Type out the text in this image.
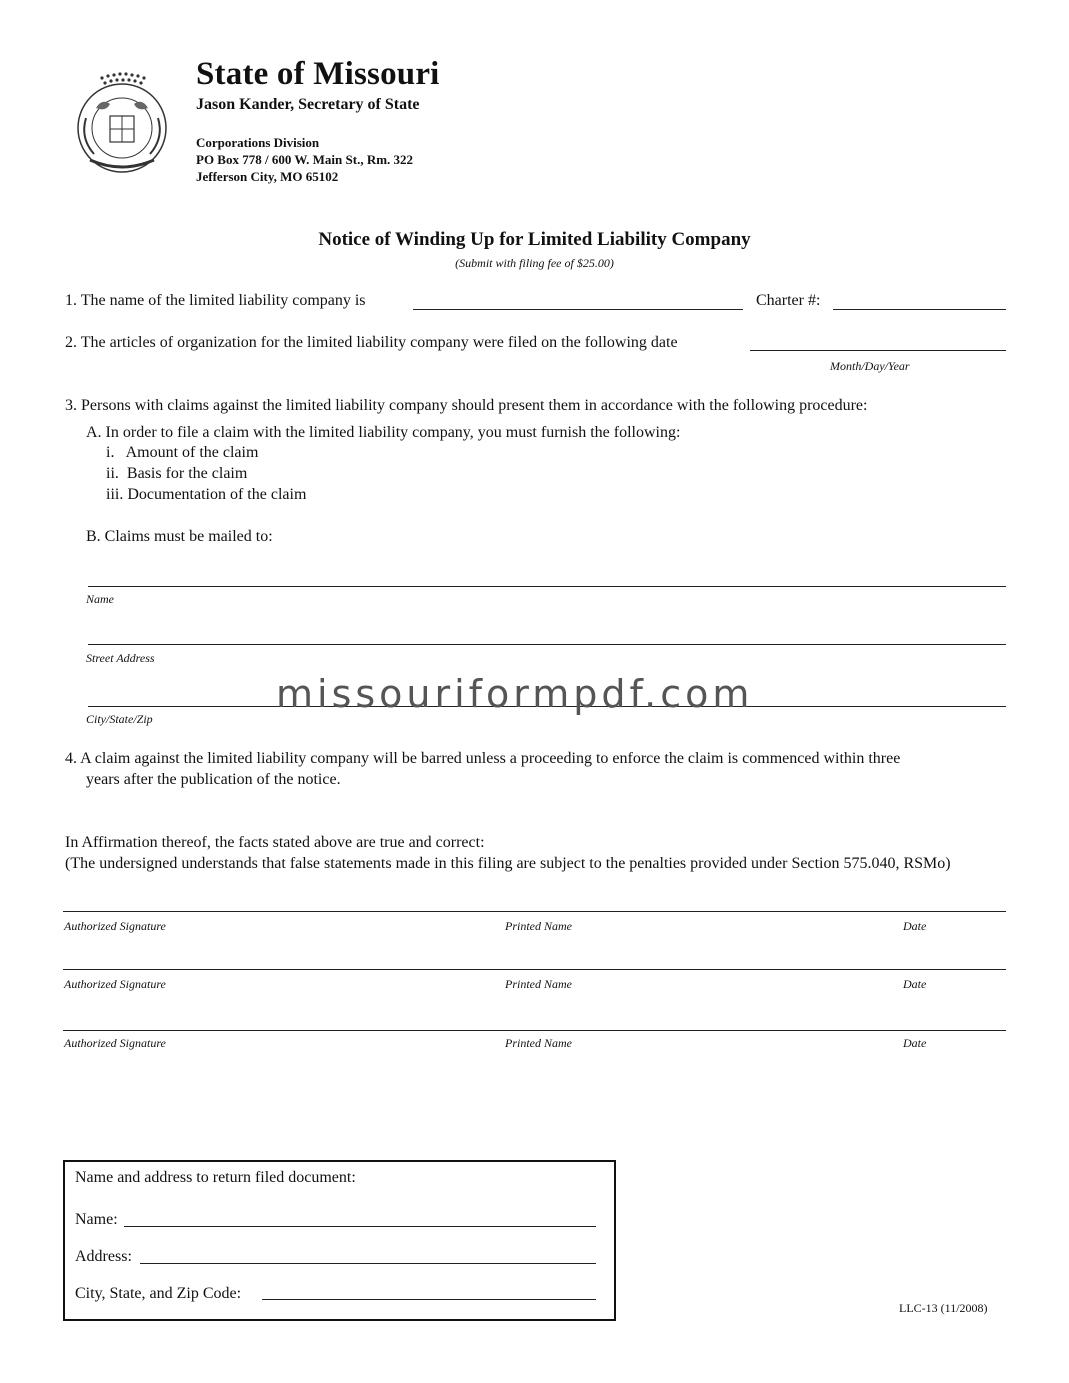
State of Missouri
Jason Kander, Secretary of State
Corporations Division
PO Box 778 / 600 W. Main St., Rm. 322
Jefferson City, MO 65102
Notice of Winding Up for Limited Liability Company
(Submit with filing fee of $25.00)
1. The name of the limited liability company is	Charter #:
2. The articles of organization for the limited liability company were filed on the following date
Month/Day/Year
3. Persons with claims against the limited liability company should present them in accordance with the following procedure:
A. In order to file a claim with the limited liability company, you must furnish the following:
i.   Amount of the claim
ii.  Basis for the claim
iii. Documentation of the claim
B. Claims must be mailed to:
Name
Street Address
City/State/Zip
missouriformpdf.com
4. A claim against the limited liability company will be barred unless a proceeding to enforce the claim is commenced within three
years after the publication of the notice.
In Affirmation thereof, the facts stated above are true and correct:
(The undersigned understands that false statements made in this filing are subject to the penalties provided under Section 575.040, RSMo)
Authorized Signature	Printed Name	Date
Authorized Signature	Printed Name	Date
Authorized Signature	Printed Name	Date
Name and address to return filed document:
Name:
Address:
City, State, and Zip Code:
LLC-13 (11/2008)
